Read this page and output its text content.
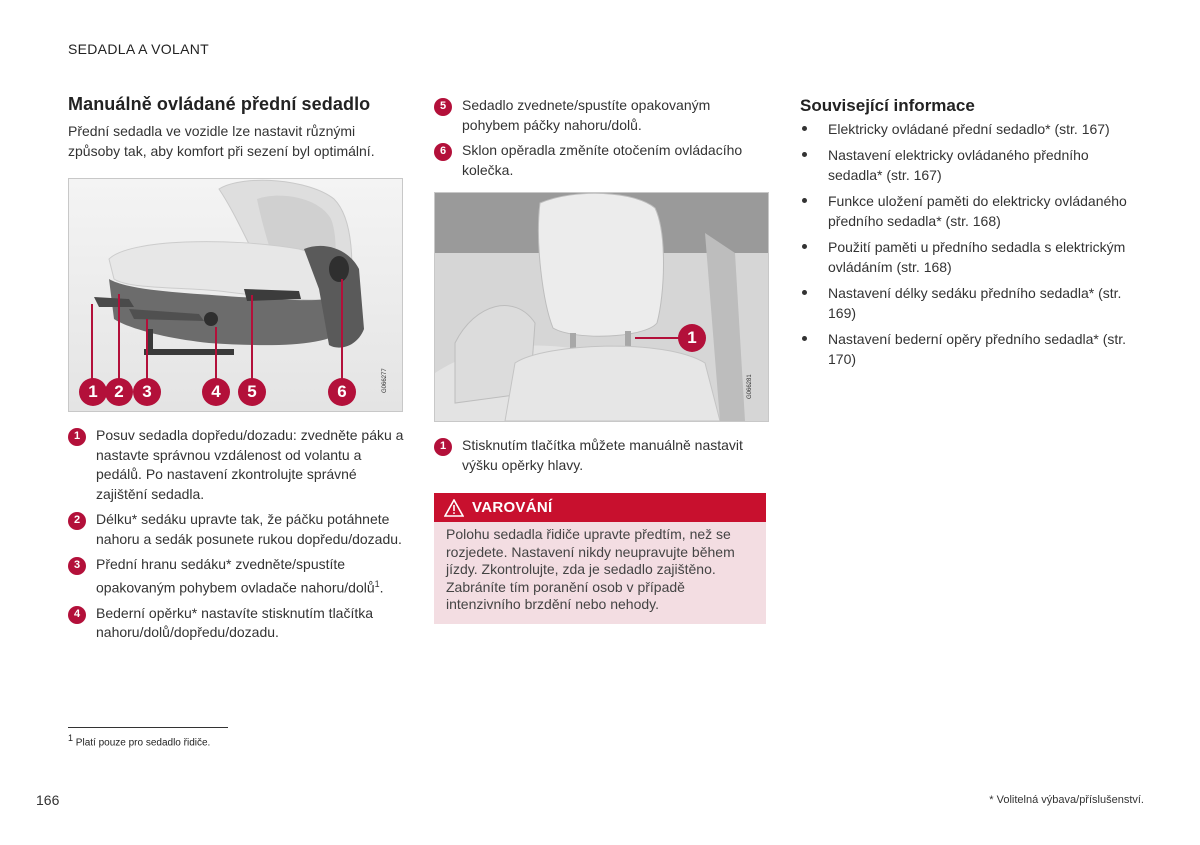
SEDADLA A VOLANT
Manuálně ovládané přední sedadlo

Přední sedadla ve vozidle lze nastavit různými způsoby tak, aby komfort při sezení byl optimální.

1 2	3	4	5	6	G066277
1	Posuv sedadla dopředu/dozadu: zvedněte páku a nastavte správnou vzdálenost od volantu a pedálů. Po nastavení zkontrolujte správné zajištění sedadla.
2	Délku* sedáku upravte tak, že páčku potáhnete nahoru a sedák posunete rukou dopředu/dozadu.
3	Přední hranu sedáku* zvedněte/spustíte opakovaným pohybem ovladače nahoru/dolů$^1$.
4	Bederní opěrku* nastavíte stisknutím tlačítka nahoru/dolů/dopředu/dozadu.
5	Sedadlo zvednete/spustíte opakovaným pohybem páčky nahoru/dolů.
6	Sklon opěradla změníte otočením ovládacího kolečka.
1
G066281
1	Stisknutím tlačítka můžete manuálně nastavit výšku opěrky hlavy.
VAROVÁNÍ
Polohu sedadla řidiče upravte předtím, než se rozjedete. Nastavení nikdy neupravujte během jízdy. Zkontrolujte, zda je sedadlo zajištěno. Zabráníte tím poranění osob v případě intenzivního brzdění nebo nehody.
Související informace
Elektricky ovládané přední sedadlo* (str. 167)
Nastavení elektricky ovládaného předního sedadla* (str. 167)
Funkce uložení paměti do elektricky ovládaného předního sedadla* (str. 168)
Použití paměti u předního sedadla s elektrickým ovládáním (str. 168)
Nastavení délky sedáku předního sedadla* (str. 169)
Nastavení bederní opěry předního sedadla* (str. 170)
$^1$ Platí pouze pro sedadlo řidiče.
166	* Volitelná výbava/příslušenství.
